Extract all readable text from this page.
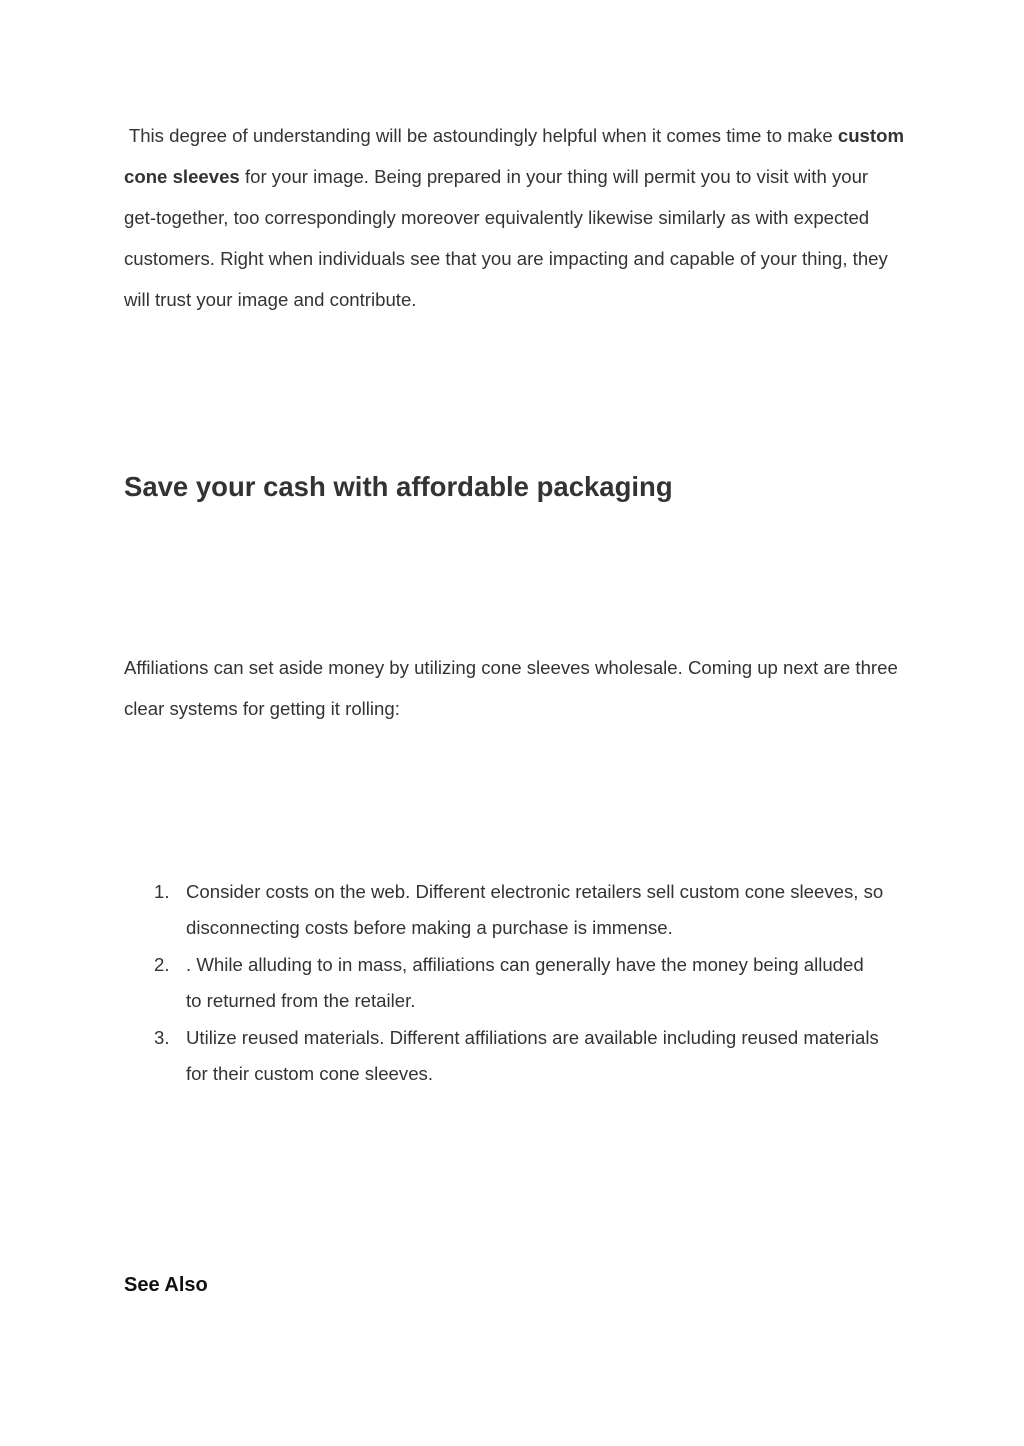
This degree of understanding will be astoundingly helpful when it comes time to make custom cone sleeves for your image. Being prepared in your thing will permit you to visit with your get-together, too correspondingly moreover equivalently likewise similarly as with expected customers. Right when individuals see that you are impacting and capable of your thing, they will trust your image and contribute.

Save your cash with affordable packaging

Affiliations can set aside money by utilizing cone sleeves wholesale. Coming up next are three clear systems for getting it rolling:

1. Consider costs on the web. Different electronic retailers sell custom cone sleeves, so disconnecting costs before making a purchase is immense.
2. . While alluding to in mass, affiliations can generally have the money being alluded to returned from the retailer.
3. Utilize reused materials. Different affiliations are available including reused materials for their custom cone sleeves.
See Also
